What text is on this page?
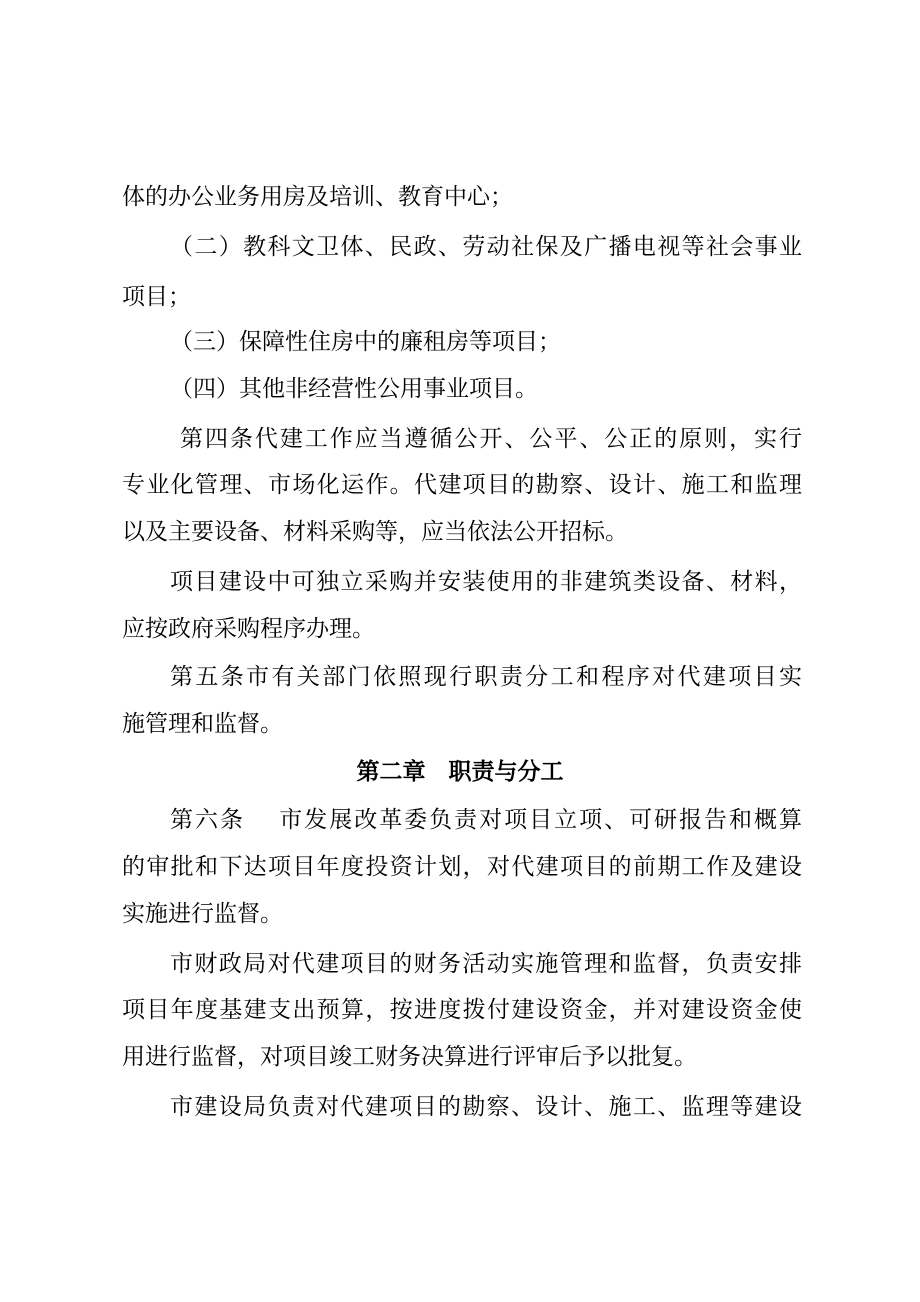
体的办公业务用房及培训、教育中心；
（二）教科文卫体、民政、劳动社保及广播电视等社会事业
项目；
（三）保障性住房中的廉租房等项目；
（四）其他非经营性公用事业项目。
第四条代建工作应当遵循公开、公平、公正的原则，实行
专业化管理、市场化运作。代建项目的勘察、设计、施工和监理
以及主要设备、材料采购等，应当依法公开招标。
项目建设中可独立采购并安装使用的非建筑类设备、材料，
应按政府采购程序办理。
第五条市有关部门依照现行职责分工和程序对代建项目实
施管理和监督。
第二章　职责与分工
第六条　 市发展改革委负责对项目立项、可研报告和概算
的审批和下达项目年度投资计划，对代建项目的前期工作及建设
实施进行监督。
市财政局对代建项目的财务活动实施管理和监督，负责安排
项目年度基建支出预算，按进度拨付建设资金，并对建设资金使
用进行监督，对项目竣工财务决算进行评审后予以批复。
市建设局负责对代建项目的勘察、设计、施工、监理等建设
